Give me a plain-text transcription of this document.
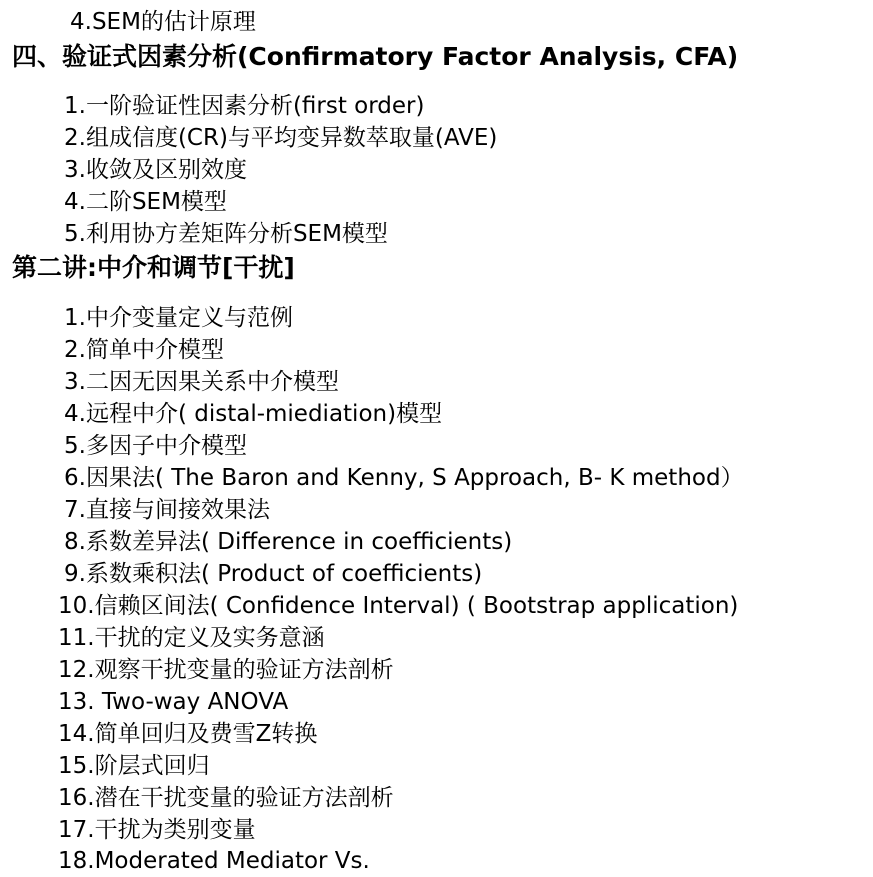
4.SEM的估计原理
四、验证式因素分析(Confirmatory Factor Analysis, CFA)
1.一阶验证性因素分析(first order)
2.组成信度(CR)与平均变异数萃取量(AVE)
3.收敛及区别效度
4.二阶SEM模型
5.利用协方差矩阵分析SEM模型
第二讲:中介和调节[干扰]
1.中介变量定义与范例
2.简单中介模型
3.二因无因果关系中介模型
4.远程中介( distal-miediation)模型
5.多因子中介模型
6.因果法( The Baron and Kenny, S Approach, B- K method）
7.直接与间接效果法
8.系数差异法( Difference in coefficients)
9.系数乘积法( Product of coefficients)
10.信赖区间法( Confidence Interval) ( Bootstrap application)
11.干扰的定义及实务意涵
12.观察干扰变量的验证方法剖析
13. Two-way ANOVA
14.简单回归及费雪Z转换
15.阶层式回归
16.潜在干扰变量的验证方法剖析
17.干扰为类别变量
18.Moderated Mediator Vs.
